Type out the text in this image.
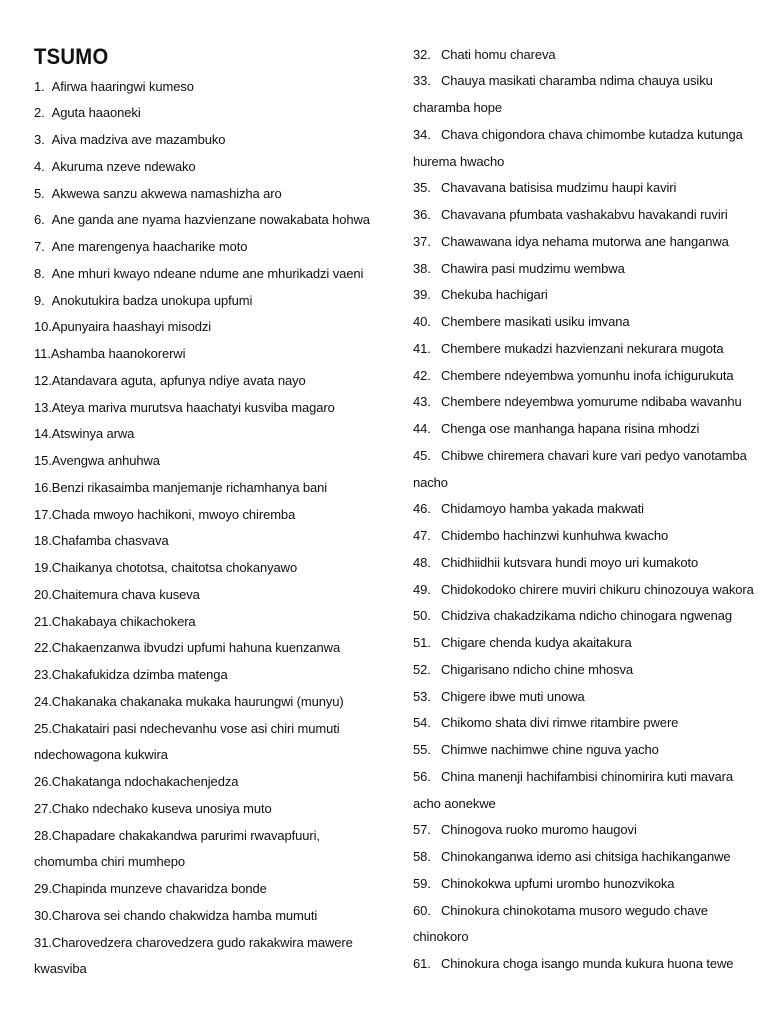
TSUMO
1. Afirwa haaringwi kumeso
2. Aguta haaoneki
3. Aiva madziva ave mazambuko
4. Akuruma nzeve ndewako
5. Akwewa sanzu akwewa namashizha aro
6. Ane ganda ane nyama hazvienzane nowakabata hohwa
7. Ane marengenya haacharike moto
8. Ane mhuri kwayo ndeane ndume ane mhurikadzi vaeni
9. Anokutukira badza unokupa upfumi
10.Apunyaira haashayi misodzi
11.Ashamba haanokorerwi
12.Atandavara aguta, apfunya ndiye avata nayo
13.Ateya mariva murutsva haachatyi kusviba magaro
14.Atswinya arwa
15.Avengwa anhuhwa
16.Benzi rikasaimba manjemanje richamhanya bani
17.Chada mwoyo hachikoni, mwoyo chiremba
18.Chafamba chasvava
19.Chaikanya chototsa, chaitotsa chokanyawo
20.Chaitemura chava kuseva
21.Chakabaya chikachokera
22.Chakaenzanwa ibvudzi upfumi hahuna kuenzanwa
23.Chakafukidza dzimba matenga
24.Chakanaka chakanaka mukaka haurungwi (munyu)
25.Chakatairi pasi ndechevanhu vose asi chiri mumuti
ndechowagona kukwira
26.Chakatanga ndochakachenjedza
27.Chako ndechako kuseva unosiya muto
28.Chapadare chakakandwa parurimi rwavapfuuri,
chomumba chiri mumhepo
29.Chapinda munzeve chavaridza bonde
30.Charova sei chando chakwidza hamba mumuti
31.Charovedzera charovedzera gudo rakakwira mawere
kwasviba
32. Chati homu chareva
33. Chauya masikati charamba ndima chauya usiku
charamba hope
34. Chava chigondora chava chimombe kutadza kutunga
hurema hwacho
35. Chavavana batisisa mudzimu haupi kaviri
36. Chavavana pfumbata vashakabvu havakandi ruviri
37. Chawawana idya nehama mutorwa ane hanganwa
38. Chawira pasi mudzimu wembwa
39. Chekuba hachigari
40. Chembere masikati usiku imvana
41. Chembere mukadzi hazvienzani nekurara mugota
42. Chembere ndeyembwa yomunhu inofa ichigurukuta
43. Chembere ndeyembwa yomurume ndibaba wavanhu
44. Chenga ose manhanga hapana risina mhodzi
45. Chibwe chiremera chavari kure vari pedyo vanotamba
nacho
46. Chidamoyo hamba yakada makwati
47. Chidembo hachinzwi kunhuhwa kwacho
48. Chidhiidhii kutsvara hundi moyo uri kumakoto
49. Chidokodoko chirere muviri chikuru chinozouya wakora
50. Chidziva chakadzikama ndicho chinogara ngwenag
51. Chigare chenda kudya akaitakura
52. Chigarisano ndicho chine mhosva
53. Chigere ibwe muti unowa
54. Chikomo shata divi rimwe ritambire pwere
55. Chimwe nachimwe chine nguva yacho
56. China manenji hachifambisi chinomirira kuti mavara
acho aonekwe
57. Chinogova ruoko muromo haugovi
58. Chinokanganwa idemo asi chitsiga hachikanganwe
59. Chinokokwa upfumi urombo hunozvikoka
60. Chinokura chinokotama musoro wegudo chave
chinokoro
61. Chinokura choga isango munda kukura huona tewe
